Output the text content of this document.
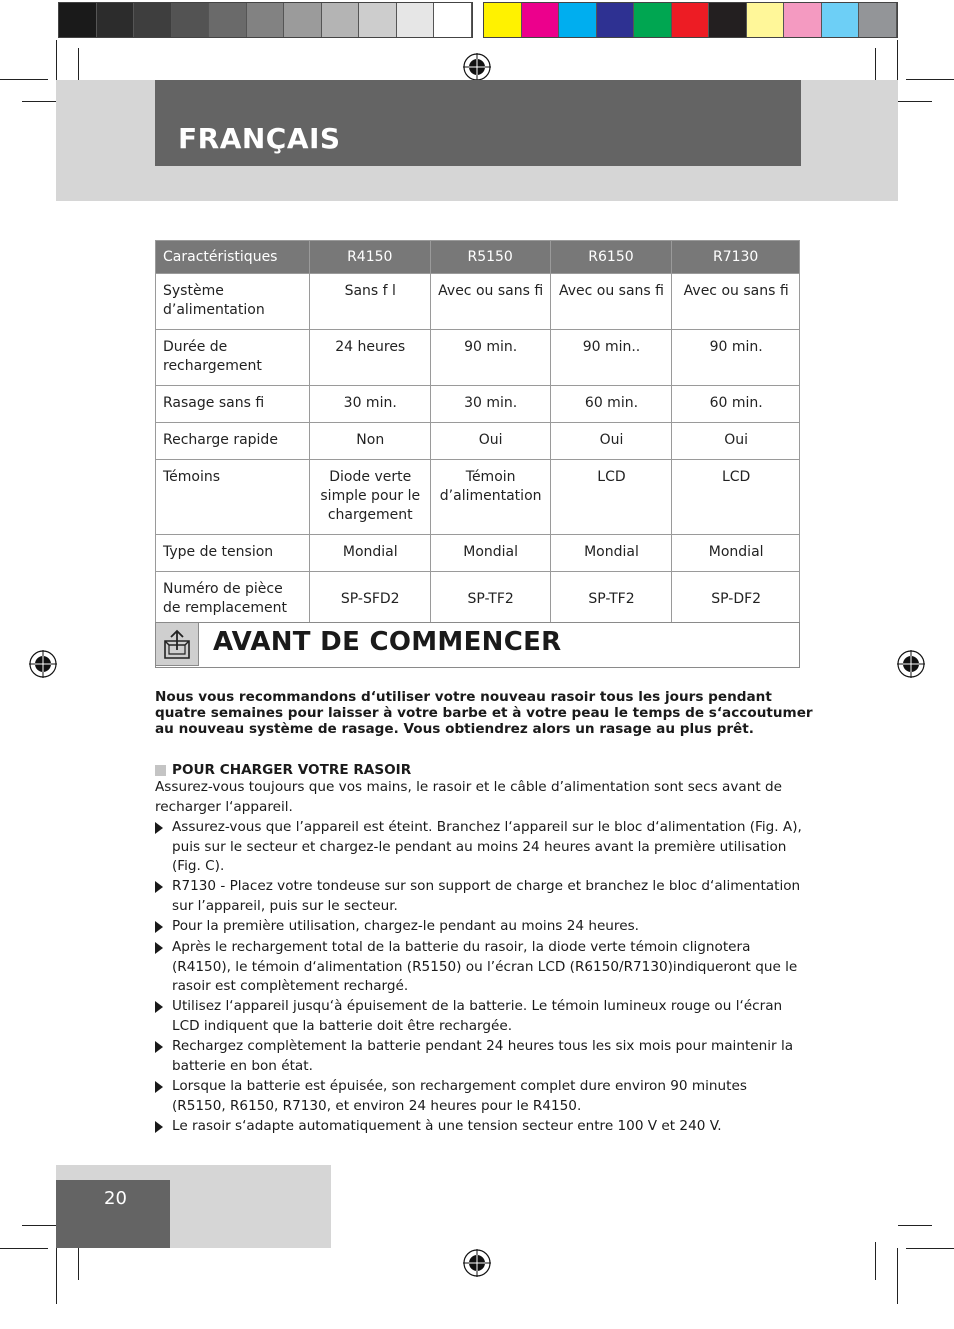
FRANÇAIS
Caractéristiques	R4150	R5150	R6150	R7130
Système d’alimentation	Sans f l	Avec ou sans fi	Avec ou sans fi	Avec ou sans fi
Durée de rechargement	24 heures	90 min.	90 min..	90 min.
Rasage sans fi	30 min.	30 min.	60 min.	60 min.
Recharge rapide	Non	Oui	Oui	Oui
Témoins	Diode verte simple pour le chargement	Témoin d’alimentation	LCD	LCD
Type de tension	Mondial	Mondial	Mondial	Mondial
Numéro de pièce de remplacement	SP-SFD2	SP-TF2	SP-TF2	SP-DF2
AVANT DE COMMENCER
Nous vous recommandons d‘utiliser votre nouveau rasoir tous les jours pendant quatre semaines pour laisser à votre barbe et à votre peau le temps de s‘accoutumer au nouveau système de rasage. Vous obtiendrez alors un rasage au plus prêt.
POUR CHARGER VOTRE RASOIR
Assurez-vous toujours que vos mains, le rasoir et le câble d’alimentation sont secs avant de recharger l‘appareil.
Assurez-vous que l’appareil est éteint. Branchez l‘appareil sur le bloc d‘alimentation (Fig. A), puis sur le secteur et chargez-le pendant au moins 24 heures avant la première utilisation (Fig. C).
R7130 - Placez votre tondeuse sur son support de charge et branchez le bloc d‘alimentation sur l’appareil, puis sur le secteur.
Pour la première utilisation, chargez-le pendant au moins 24 heures.
Après le rechargement total de la batterie du rasoir, la diode verte témoin clignotera (R4150), le témoin d‘alimentation (R5150) ou l’écran LCD (R6150/R7130)indiqueront que le rasoir est complètement rechargé.
Utilisez l‘appareil jusqu‘à épuisement de la batterie. Le témoin lumineux rouge ou l‘écran LCD indiquent que la batterie doit être rechargée.
Rechargez complètement la batterie pendant 24 heures tous les six mois pour maintenir la batterie en bon état.
Lorsque la batterie est épuisée, son rechargement complet dure environ 90 minutes (R5150, R6150, R7130, et environ 24 heures pour le R4150.
Le rasoir s‘adapte automatiquement à une tension secteur entre 100 V et 240 V.
20
